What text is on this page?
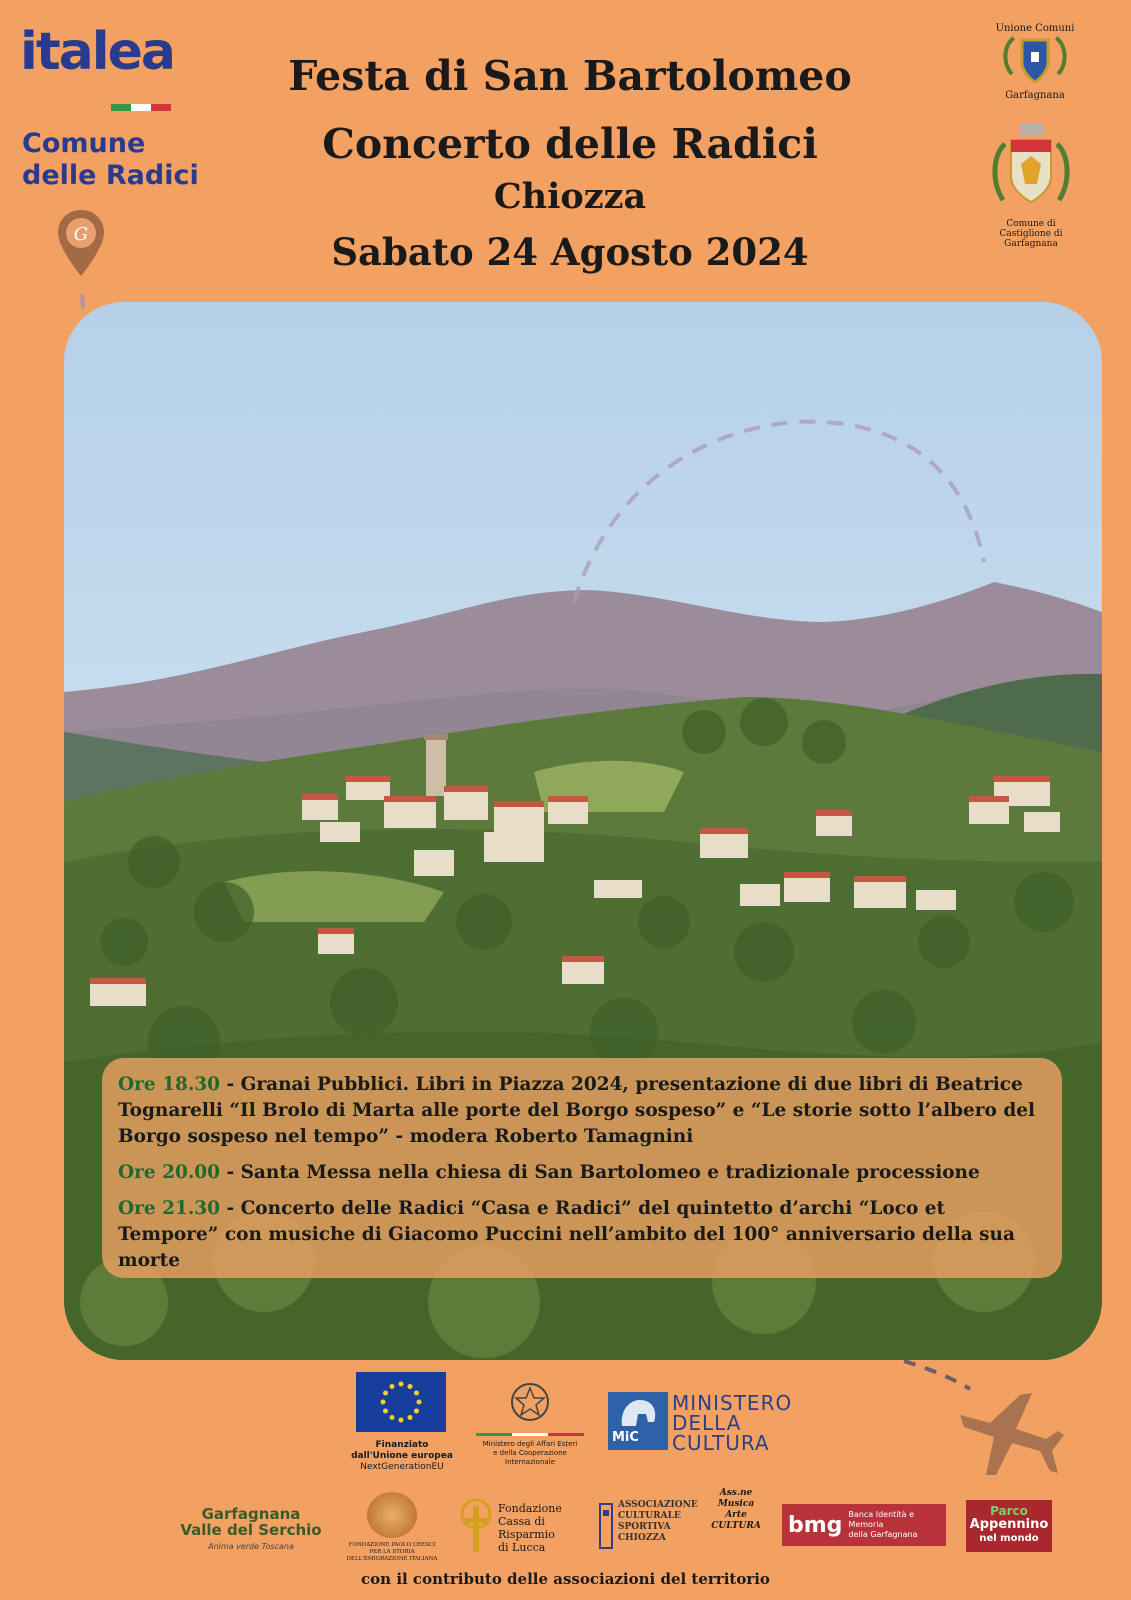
italea
Comune
delle Radici
G
Festa di San Bartolomeo
Concerto delle Radici
Chiozza
Sabato 24 Agosto 2024
Unione Comuni
Garfagnana
Comune di
Castiglione di Garfagnana

Ore 18.30 - Granai Pubblici. Libri in Piazza 2024, presentazione di due libri di Beatrice Tognarelli “Il Brolo di Marta alle porte del Borgo sospeso” e “Le storie sotto l’albero del Borgo sospeso nel tempo” - modera Roberto Tamagnini

Ore 20.00 - Santa Messa nella chiesa di San Bartolomeo e tradizionale processione

Ore 21.30 - Concerto delle Radici “Casa e Radici” del quintetto d’archi “Loco et Tempore” con musiche di Giacomo Puccini nell’ambito del 100° anniversario della sua morte

Finanziato
dall'Unione europea
NextGenerationEU
Ministero degli Affari Esteri
e della Cooperazione Internazionale
MiC
MINISTERO
DELLA
CULTURA
Garfagnana
Valle del Serchio
Anima verde Toscana	FONDAZIONE PAOLO CRESCI
PER LA STORIA DELL'EMIGRAZIONE ITALIANA
Fondazione
Cassa di Risparmio
di Lucca
ASSOCIAZIONE
CULTURALE
SPORTIVA
CHIOZZA
Ass.ne
Musica
Arte
CULTURA bmg Banca Identità e Memoria
della Garfagnana
Parco
Appennino
nel mondo
con il contributo delle associazioni del territorio
